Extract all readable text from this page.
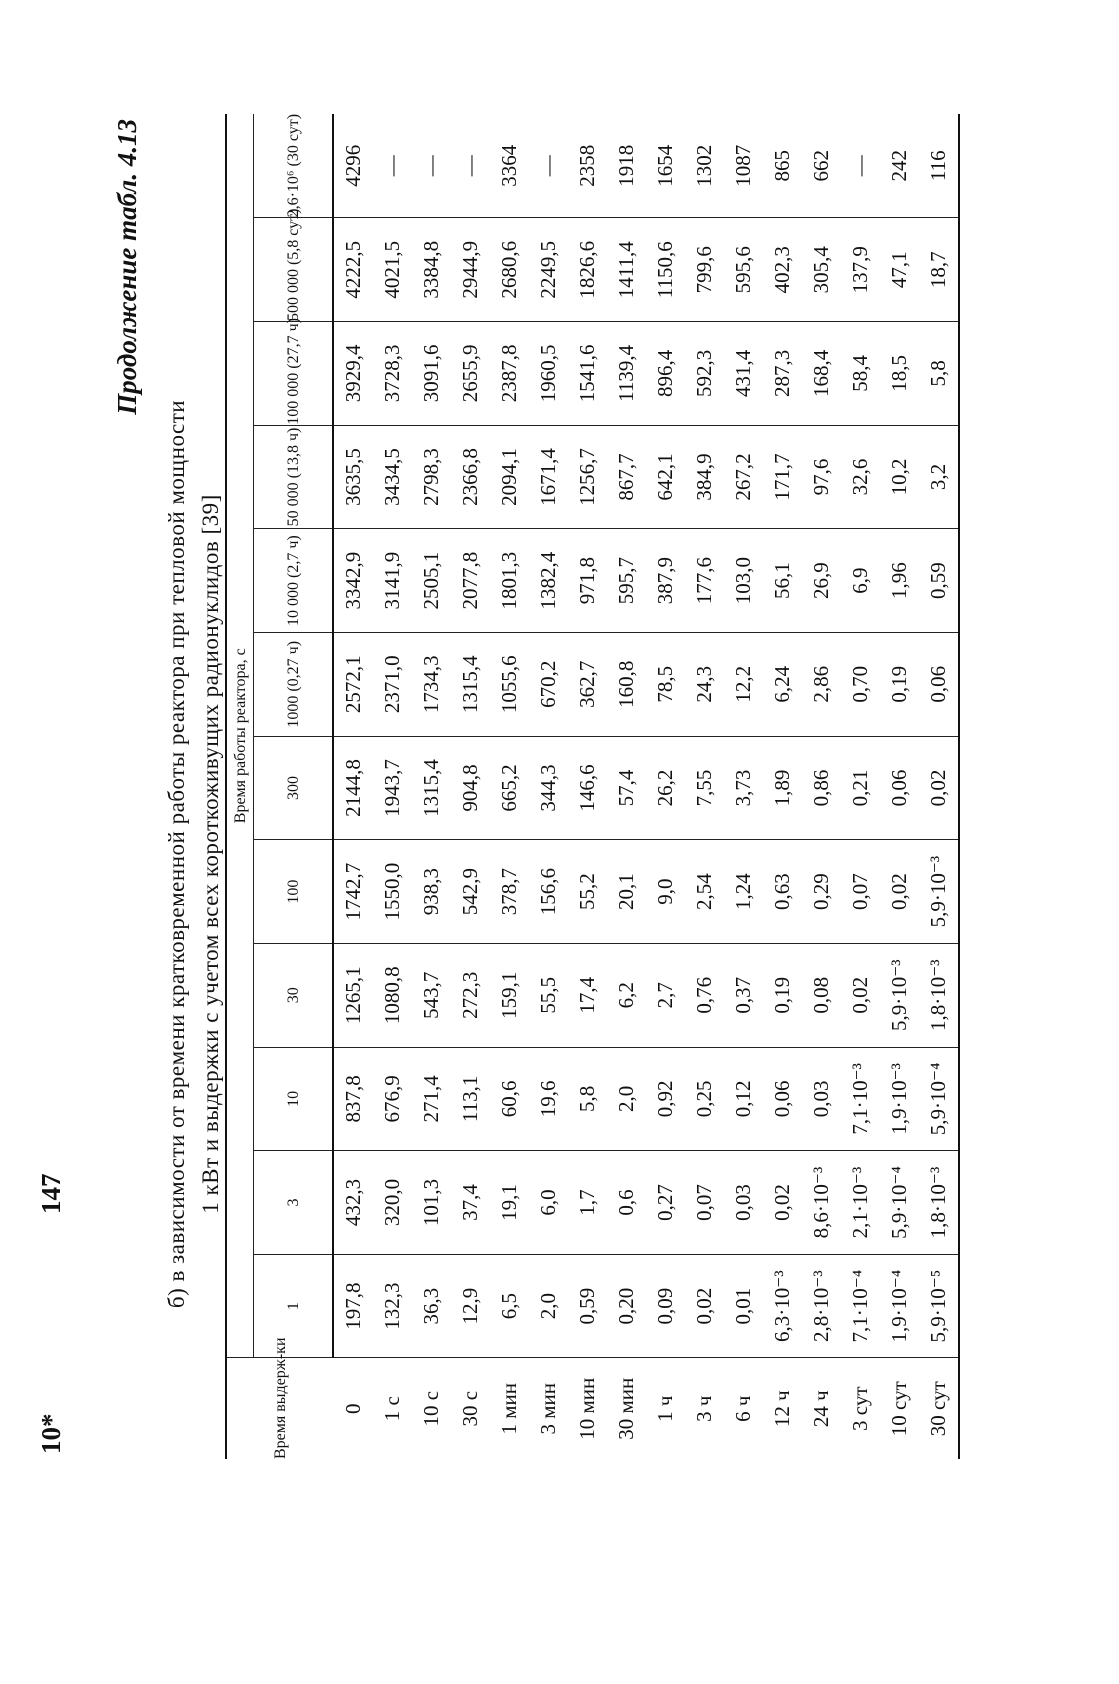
10*
147
Продолжение табл. 4.13
б) в зависимости от времени кратковременной работы реактора при тепловой мощности 1 кВт и выдержки с учетом всех короткоживущих радионуклидов [39]
Время выдерж-ки	Время работы реактора, с											
	1	3	10	30	100	300	1000 (0,27 ч)	10 000 (2,7 ч)	50 000 (13,8 ч)	100 000 (27,7 ч)	500 000 (5,8 сут)	2,6·10⁶ (30 сут)
0	197,8	432,3	837,8	1265,1	1742,7	2144,8	2572,1	3342,9	3635,5	3929,4	4222,5	4296
1 с	132,3	320,0	676,9	1080,8	1550,0	1943,7	2371,0	3141,9	3434,5	3728,3	4021,5	—
10 с	36,3	101,3	271,4	543,7	938,3	1315,4	1734,3	2505,1	2798,3	3091,6	3384,8	—
30 с	12,9	37,4	113,1	272,3	542,9	904,8	1315,4	2077,8	2366,8	2655,9	2944,9	—
1 мин	6,5	19,1	60,6	159,1	378,7	665,2	1055,6	1801,3	2094,1	2387,8	2680,6	3364
3 мин	2,0	6,0	19,6	55,5	156,6	344,3	670,2	1382,4	1671,4	1960,5	2249,5	—
10 мин	0,59	1,7	5,8	17,4	55,2	146,6	362,7	971,8	1256,7	1541,6	1826,6	2358
30 мин	0,20	0,6	2,0	6,2	20,1	57,4	160,8	595,7	867,7	1139,4	1411,4	1918
1 ч	0,09	0,27	0,92	2,7	9,0	26,2	78,5	387,9	642,1	896,4	1150,6	1654
3 ч	0,02	0,07	0,25	0,76	2,54	7,55	24,3	177,6	384,9	592,3	799,6	1302
6 ч	0,01	0,03	0,12	0,37	1,24	3,73	12,2	103,0	267,2	431,4	595,6	1087
12 ч	6,3·10⁻³	0,02	0,06	0,19	0,63	1,89	6,24	56,1	171,7	287,3	402,3	865
24 ч	2,8·10⁻³	8,6·10⁻³	0,03	0,08	0,29	0,86	2,86	26,9	97,6	168,4	305,4	662
3 сут	7,1·10⁻⁴	2,1·10⁻³	7,1·10⁻³	0,02	0,07	0,21	0,70	6,9	32,6	58,4	137,9	—
10 сут	1,9·10⁻⁴	5,9·10⁻⁴	1,9·10⁻³	5,9·10⁻³	0,02	0,06	0,19	1,96	10,2	18,5	47,1	242
30 сут	5,9·10⁻⁵	1,8·10⁻³	5,9·10⁻⁴	1,8·10⁻³	5,9·10⁻³	0,02	0,06	0,59	3,2	5,8	18,7	116
